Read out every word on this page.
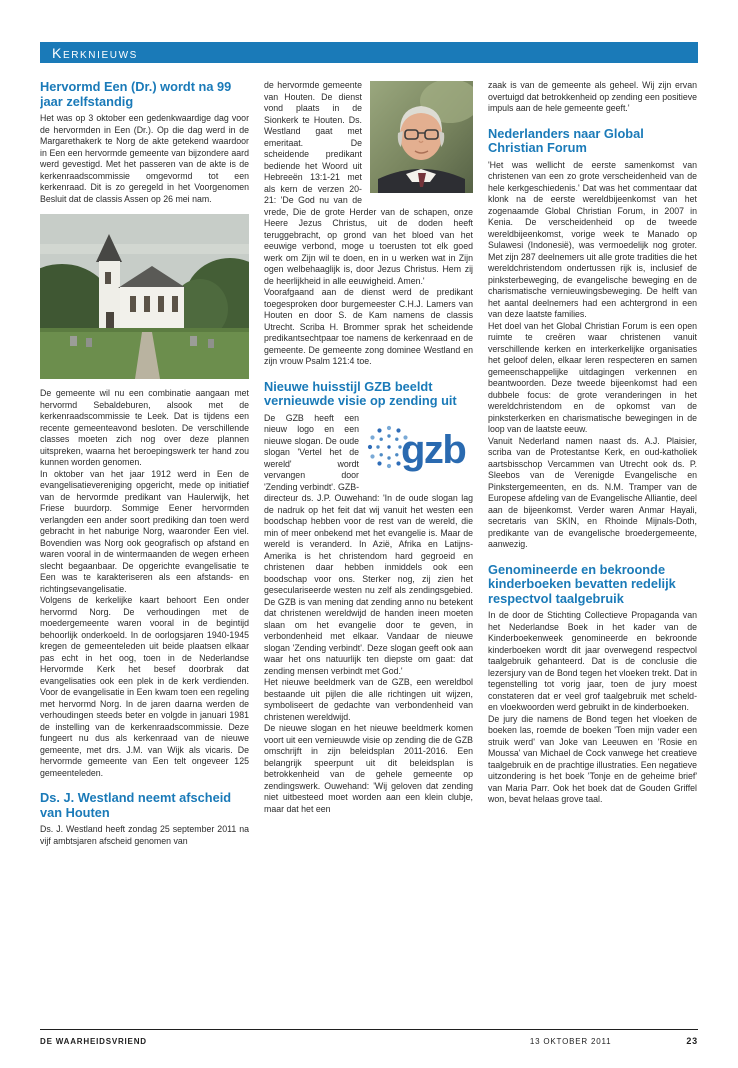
Kerknieuws
Hervormd Een (Dr.) wordt na 99 jaar zelfstandig

Het was op 3 oktober een gedenkwaardige dag voor de hervormden in Een (Dr.). Op die dag werd in de Margarethakerk te Norg de akte getekend waardoor in Een een hervormde gemeente van bijzondere aard werd gevestigd. Met het passeren van de akte is de kerkenraadscommissie omgevormd tot een kerkenraad. Dit is zo geregeld in het Voorgenomen Besluit dat de classis Assen op 26 mei nam.

De gemeente wil nu een combinatie aangaan met hervormd Sebaldeburen, alsook met de kerkenraadscommissie te Leek. Dat is tijdens een recente gemeenteavond besloten. De verschillende classes moeten zich nog over deze plannen uitspreken, waarna het beroepingswerk ter hand zou kunnen worden genomen.

In oktober van het jaar 1912 werd in Een de evangelisatievereniging opgericht, mede op initiatief van de hervormde predikant van Haulerwijk, het Friese buurdorp. Sommige Eener hervormden verlangden een ander soort prediking dan toen werd gebracht in het naburige Norg, waaronder Een viel. Bovendien was Norg ook geografisch op afstand en waren vooral in de wintermaanden de wegen erheen slecht begaanbaar. De opgerichte evangelisatie te Een was te karakteriseren als een afstands- en richtingsevangelisatie.

Volgens de kerkelijke kaart behoort Een onder hervormd Norg. De verhoudingen met de moedergemeente waren vooral in de begintijd behoorlijk onderkoeld. In de oorlogsjaren 1940-1945 kregen de gemeenteleden uit beide plaatsen elkaar pas echt in het oog, toen in de Nederlandse Hervormde Kerk het besef doorbrak dat evangelisaties ook een plek in de kerk verdienden. Voor de evangelisatie in Een kwam toen een regeling met hervormd Norg. In de jaren daarna werden de verhoudingen steeds beter en volgde in januari 1981 de instelling van de kerkenraadscommissie. Deze fungeert nu dus als kerkenraad van de nieuwe gemeente, met drs. J.M. van Wijk als vicaris. De hervormde gemeente van Een telt ongeveer 125 gemeenteleden.

Ds. J. Westland neemt afscheid van Houten

Ds. J. Westland heeft zondag 25 september 2011 na vijf ambtsjaren afscheid genomen van

de hervormde gemeente van Houten. De dienst vond plaats in de Sionkerk te Houten. Ds. Westland gaat met emeritaat. De scheidende predikant bediende het Woord uit Hebreeën 13:1-21 met als kern de verzen 20-21: 'De God nu van de vrede, Die de grote Herder van de schapen, onze Heere Jezus Christus, uit de doden heeft teruggebracht, op grond van het bloed van het eeuwige verbond, moge u toerusten tot elk goed werk om Zijn wil te doen, en in u werken wat in Zijn ogen welbehaaglijk is, door Jezus Christus. Hem zij de heerlijkheid in alle eeuwigheid. Amen.'

Voorafgaand aan de dienst werd de predikant toegesproken door burgemeester C.H.J. Lamers van Houten en door S. de Kam namens de classis Utrecht. Scriba H. Brommer sprak het scheidende predikantsechtpaar toe namens de kerkenraad en de gemeente. De gemeente zong dominee Westland en zijn vrouw Psalm 121:4 toe.

Nieuwe huisstijl GZB beeldt vernieuwde visie op zending uit
gzb
De GZB heeft een nieuw logo en een nieuwe slogan. De oude slogan 'Vertel het de wereld' wordt vervangen door 'Zending verbindt'. GZB-directeur ds. J.P. Ouwehand: 'In de oude slogan lag de nadruk op het feit dat wij vanuit het westen een boodschap hebben voor de rest van de wereld, die min of meer onbekend met het evangelie is. Maar de wereld is veranderd. In Azië, Afrika en Latijns-Amerika is het christendom hard gegroeid en christenen daar hebben inmiddels ook een boodschap voor ons. Sterker nog, zij zien het geseculariseerde westen nu zelf als zendingsgebied. De GZB is van mening dat zending anno nu betekent dat christenen wereldwijd de handen ineen moeten slaan om het evangelie door te geven, in verbondenheid met elkaar. Vandaar de nieuwe slogan 'Zending verbindt'. Deze slogan geeft ook aan waar het ons natuurlijk ten diepste om gaat: dat zending mensen verbindt met God.'

Het nieuwe beeldmerk van de GZB, een wereldbol bestaande uit pijlen die alle richtingen uit wijzen, symboliseert de gedachte van verbondenheid van christenen wereldwijd.

De nieuwe slogan en het nieuwe beeldmerk komen voort uit een vernieuwde visie op zending die de GZB omschrijft in zijn beleidsplan 2011-2016. Een belangrijk speerpunt uit dit beleidsplan is betrokkenheid van de gehele gemeente op zendingswerk. Ouwehand: 'Wij geloven dat zending niet uitbesteed moet worden aan een klein clubje, maar dat het een

zaak is van de gemeente als geheel. Wij zijn ervan overtuigd dat betrokkenheid op zending een positieve impuls aan de hele gemeente geeft.'

Nederlanders naar Global Christian Forum

'Het was wellicht de eerste samenkomst van christenen van een zo grote verscheidenheid van de hele kerkgeschiedenis.' Dat was het commentaar dat klonk na de eerste wereldbijeenkomst van het zogenaamde Global Christian Forum, in 2007 in Kenia. De verscheidenheid op de tweede wereldbijeenkomst, vorige week te Manado op Sulawesi (Indonesië), was vermoedelijk nog groter. Met zijn 287 deelnemers uit alle grote tradities die het wereldchristendom ondertussen rijk is, inclusief de pinksterbeweging, de evangelische beweging en de charismatische vernieuwingsbeweging. De helft van het aantal deelnemers had een achtergrond in een van deze laatste families.

Het doel van het Global Christian Forum is een open ruimte te creëren waar christenen vanuit verschillende kerken en interkerkelijke organisaties het geloof delen, elkaar leren respecteren en samen gemeenschappelijke uitdagingen verkennen en beantwoorden. Deze tweede bijeenkomst had een dubbele focus: de grote veranderingen in het wereldchristendom en de opkomst van de pinksterkerken en charismatische bewegingen in de loop van de laatste eeuw.

Vanuit Nederland namen naast ds. A.J. Plaisier, scriba van de Protestantse Kerk, en oud-katholiek aartsbisschop Vercammen van Utrecht ook ds. P. Sleebos van de Verenigde Evangelische en Pinkstergemeenten, en ds. N.M. Tramper van de Europese afdeling van de Evangelische Alliantie, deel aan de bijeenkomst. Verder waren Anmar Hayali, secretaris van SKIN, en Rhoinde Mijnals-Doth, predikante van de evangelische broedergemeente, aanwezig.

Genomineerde en bekroonde kinderboeken bevatten redelijk respectvol taalgebruik

In de door de Stichting Collectieve Propaganda van het Nederlandse Boek in het kader van de Kinderboekenweek genomineerde en bekroonde kinderboeken wordt dit jaar overwegend respectvol taalgebruik gehanteerd. Dat is de conclusie die lezersjury van de Bond tegen het vloeken trekt. Dat in tegenstelling tot vorig jaar, toen de jury moest constateren dat er veel grof taalgebruik met scheld- en vloekwoorden werd gebruikt in de kinderboeken.

De jury die namens de Bond tegen het vloeken de boeken las, roemde de boeken 'Toen mijn vader een struik werd' van Joke van Leeuwen en 'Rosie en Moussa' van Michael de Cock vanwege het creatieve taalgebruik en de prachtige illustraties. Een negatieve uitzondering is het boek 'Tonje en de geheime brief' van Maria Parr. Ook het boek dat de Gouden Griffel won, bevat helaas grove taal.

DE WAARHEIDSVRIEND	13 OKTOBER 2011	23
